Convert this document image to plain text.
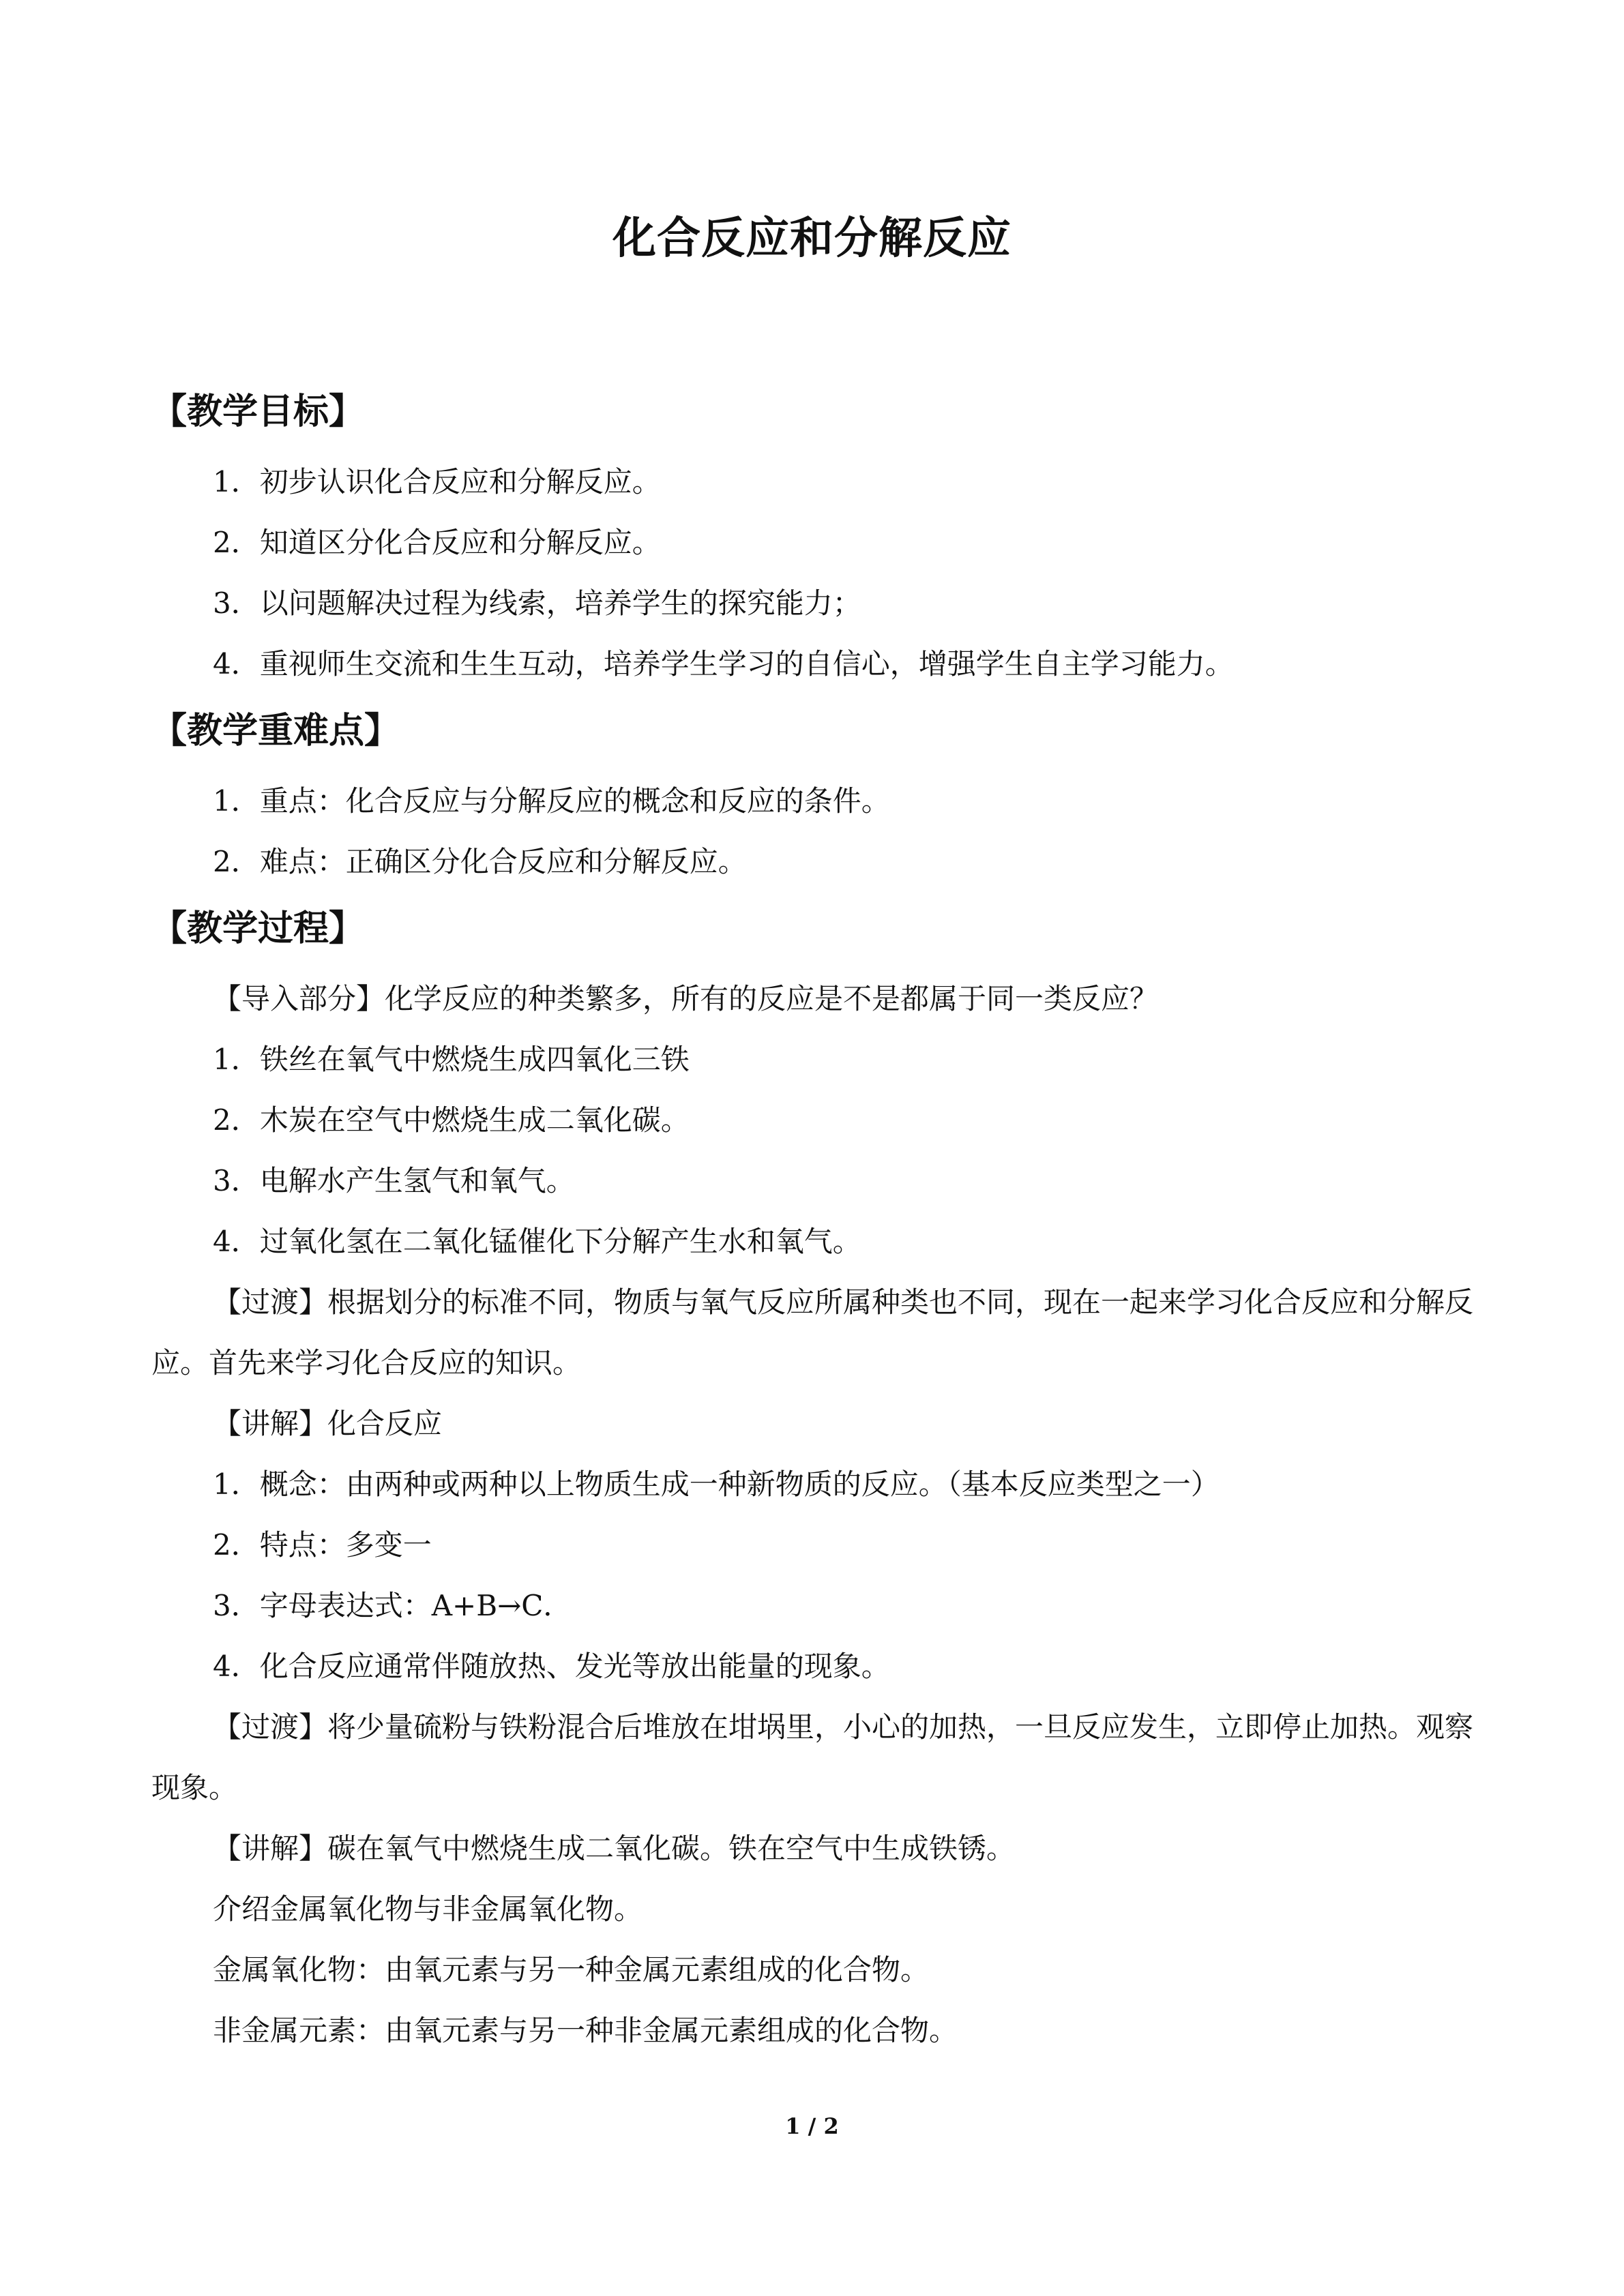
化合反应和分解反应
【教学目标】

1．初步认识化合反应和分解反应。

2．知道区分化合反应和分解反应。

3．以问题解决过程为线索，培养学生的探究能力；

4．重视师生交流和生生互动，培养学生学习的自信心，增强学生自主学习能力。

【教学重难点】

1．重点：化合反应与分解反应的概念和反应的条件。

2．难点：正确区分化合反应和分解反应。

【教学过程】

【导入部分】化学反应的种类繁多，所有的反应是不是都属于同一类反应？

1．铁丝在氧气中燃烧生成四氧化三铁

2．木炭在空气中燃烧生成二氧化碳。

3．电解水产生氢气和氧气。

4．过氧化氢在二氧化锰催化下分解产生水和氧气。

【过渡】根据划分的标准不同，物质与氧气反应所属种类也不同，现在一起来学习化合反应和分解反应。首先来学习化合反应的知识。

【讲解】化合反应

1．概念：由两种或两种以上物质生成一种新物质的反应。（基本反应类型之一）

2．特点：多变一

3．字母表达式：A+B→C．

4．化合反应通常伴随放热、发光等放出能量的现象。

【过渡】将少量硫粉与铁粉混合后堆放在坩埚里，小心的加热，一旦反应发生，立即停止加热。观察现象。

【讲解】碳在氧气中燃烧生成二氧化碳。铁在空气中生成铁锈。

介绍金属氧化物与非金属氧化物。

金属氧化物：由氧元素与另一种金属元素组成的化合物。

非金属元素：由氧元素与另一种非金属元素组成的化合物。

1 / 2
